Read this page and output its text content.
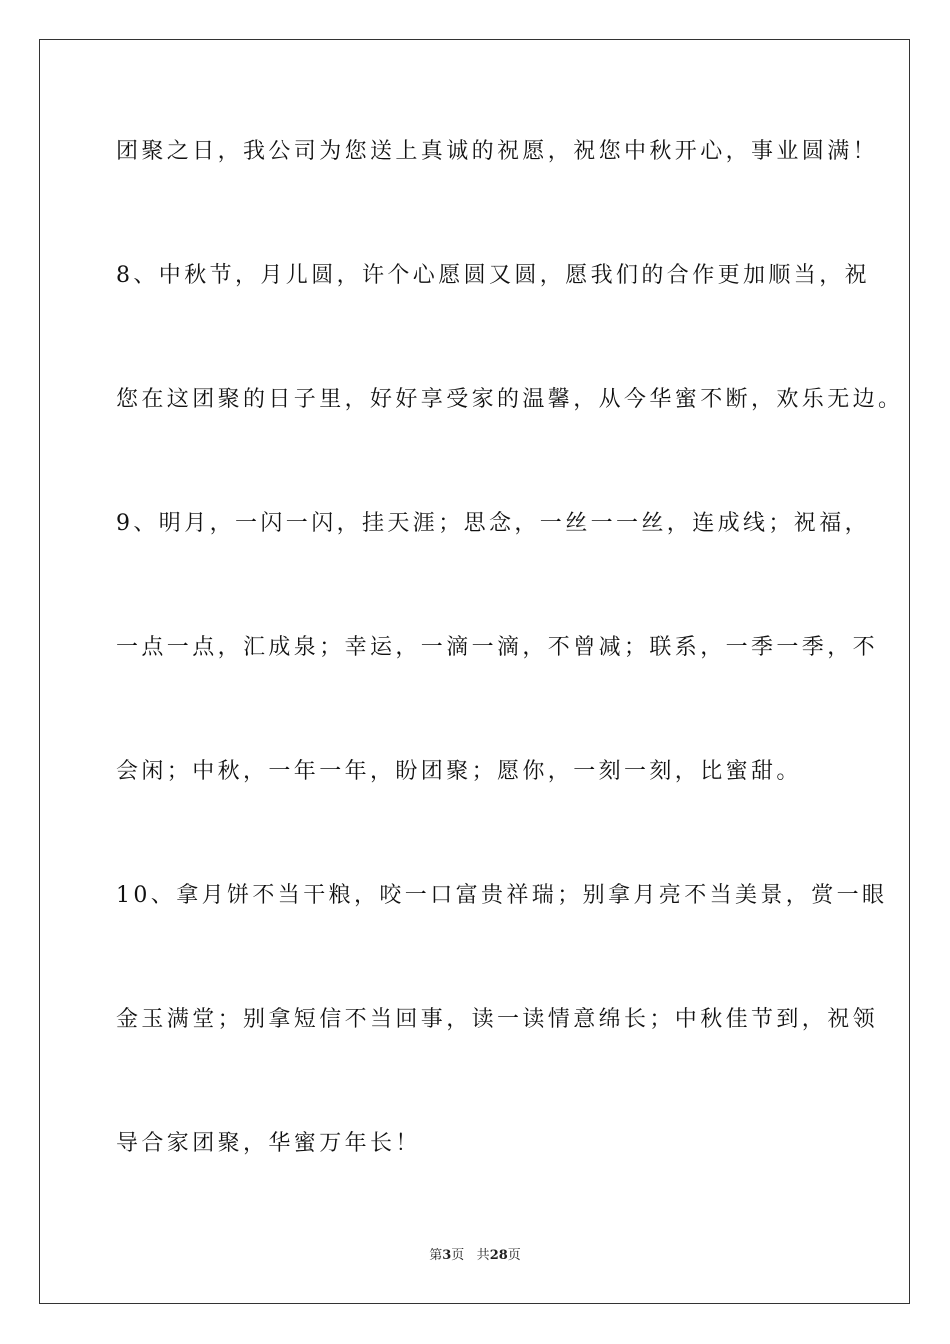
团聚之日，我公司为您送上真诚的祝愿，祝您中秋开心，事业圆满！
8、中秋节，月儿圆，许个心愿圆又圆，愿我们的合作更加顺当，祝
您在这团聚的日子里，好好享受家的温馨，从今华蜜不断，欢乐无边。
9、明月，一闪一闪，挂天涯；思念，一丝一一丝，连成线；祝福，
一点一点，汇成泉；幸运，一滴一滴，不曾减；联系，一季一季，不
会闲；中秋，一年一年，盼团聚；愿你，一刻一刻，比蜜甜。
10、拿月饼不当干粮，咬一口富贵祥瑞；别拿月亮不当美景，赏一眼
金玉满堂；别拿短信不当回事，读一读情意绵长；中秋佳节到，祝领
导合家团聚，华蜜万年长！
第3页 共28页
